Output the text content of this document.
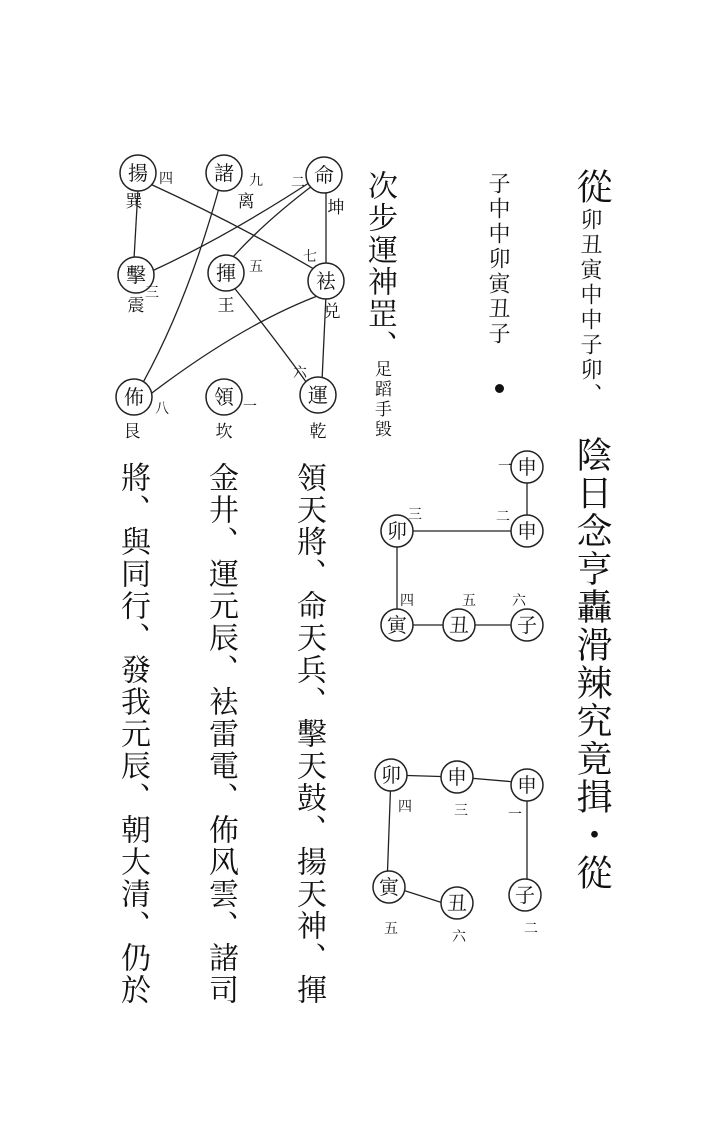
從
卯丑寅中中子卯、
子中中卯寅丑子
次步運神罡、
足蹈手毀
陰日念亨轟滑辣究竟揖・從
領天將、命天兵、擊天鼓、揚天神、揮
金井、運元辰、袪雷電、佈风雲、諸司
將、與同行、發我元辰、朝大清、仍於
命
二
坤
諸 九
离
揚 四
巽
袪
七
兑
揮 五
王
擊
三
震
運
六
乾
領 一
坎
佈 八
艮
申
一
申
二
卯
三
寅
四
丑
五
子
六
申
一
子
二
申
三
卯
四
寅
五
丑
六
